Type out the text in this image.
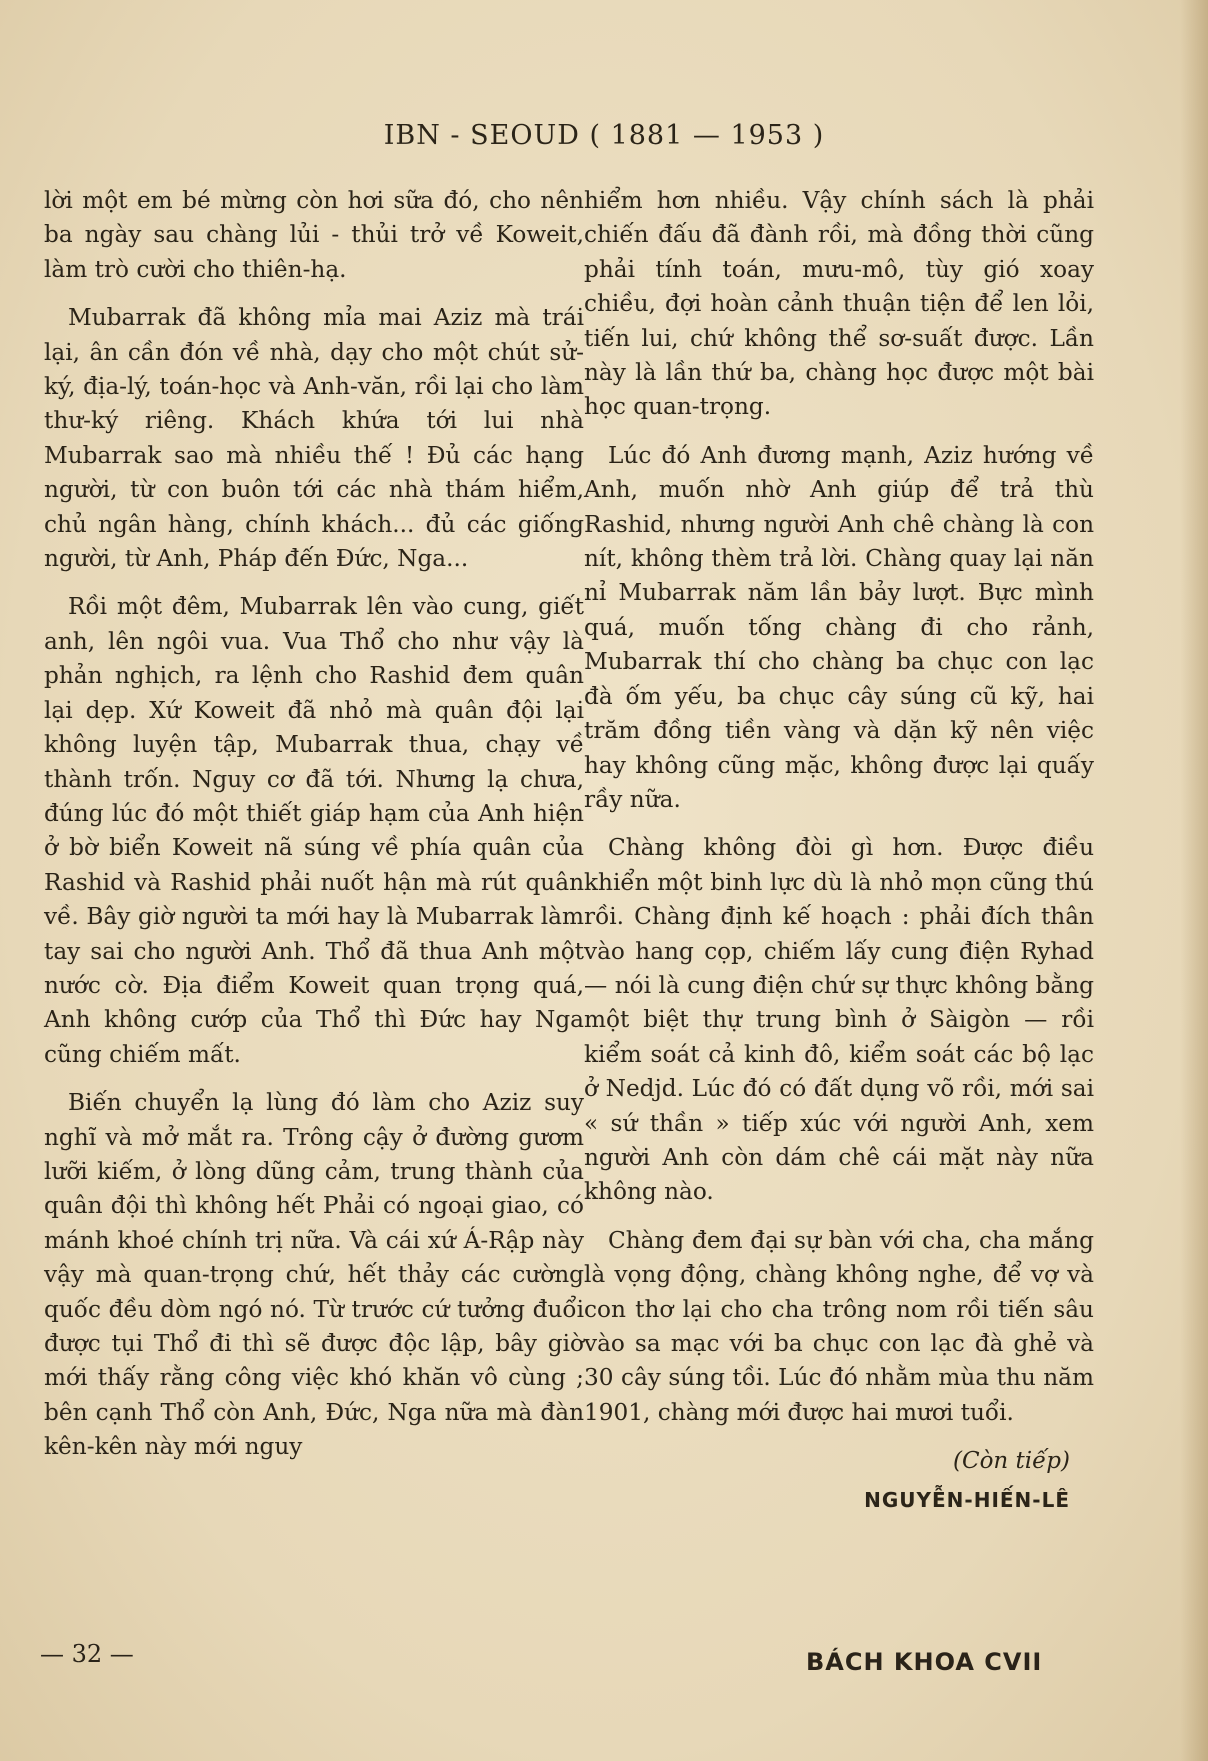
IBN - SEOUD ( 1881 — 1953 )

lời một em bé mừng còn hơi sữa đó, cho nên ba ngày sau chàng lủi - thủi trở về Koweit, làm trò cười cho thiên-hạ.

Mubarrak đã không mỉa mai Aziz mà trái lại, ân cần đón về nhà, dạy cho một chút sử-ký, địa-lý, toán-học và Anh-văn, rồi lại cho làm thư-ký riêng. Khách khứa tới lui nhà Mubarrak sao mà nhiều thế ! Đủ các hạng người, từ con buôn tới các nhà thám hiểm, chủ ngân hàng, chính khách... đủ các giống người, từ Anh, Pháp đến Đức, Nga...

Rồi một đêm, Mubarrak lên vào cung, giết anh, lên ngôi vua. Vua Thổ cho như vậy là phản nghịch, ra lệnh cho Rashid đem quân lại dẹp. Xứ Koweit đã nhỏ mà quân đội lại không luyện tập, Mubarrak thua, chạy về thành trốn. Nguy cơ đã tới. Nhưng lạ chưa, đúng lúc đó một thiết giáp hạm của Anh hiện ở bờ biển Koweit nã súng về phía quân của Rashid và Rashid phải nuốt hận mà rút quân về. Bây giờ người ta mới hay là Mubarrak làm tay sai cho người Anh. Thổ đã thua Anh một nước cờ. Địa điểm Koweit quan trọng quá, Anh không cướp của Thổ thì Đức hay Nga cũng chiếm mất.

Biến chuyển lạ lùng đó làm cho Aziz suy nghĩ và mở mắt ra. Trông cậy ở đường gươm lưỡi kiếm, ở lòng dũng cảm, trung thành của quân đội thì không hết Phải có ngoại giao, có mánh khoé chính trị nữa. Và cái xứ Á-Rập này vậy mà quan-trọng chứ, hết thảy các cường quốc đều dòm ngó nó. Từ trước cứ tưởng đuổi được tụi Thổ đi thì sẽ được độc lập, bây giờ mới thấy rằng công việc khó khăn vô cùng ; bên cạnh Thổ còn Anh, Đức, Nga nữa mà đàn kên-kên này mới nguy

hiểm hơn nhiều. Vậy chính sách là phải chiến đấu đã đành rồi, mà đồng thời cũng phải tính toán, mưu-mô, tùy gió xoay chiều, đợi hoàn cảnh thuận tiện để len lỏi, tiến lui, chứ không thể sơ-suất được. Lần này là lần thứ ba, chàng học được một bài học quan-trọng.

Lúc đó Anh đương mạnh, Aziz hướng về Anh, muốn nhờ Anh giúp để trả thù Rashid, nhưng người Anh chê chàng là con nít, không thèm trả lời. Chàng quay lại năn nỉ Mubarrak năm lần bảy lượt. Bực mình quá, muốn tống chàng đi cho rảnh, Mubarrak thí cho chàng ba chục con lạc đà ốm yếu, ba chục cây súng cũ kỹ, hai trăm đồng tiền vàng và dặn kỹ nên việc hay không cũng mặc, không được lại quấy rầy nữa.

Chàng không đòi gì hơn. Được điều khiển một binh lực dù là nhỏ mọn cũng thú rồi. Chàng định kế hoạch : phải đích thân vào hang cọp, chiếm lấy cung điện Ryhad — nói là cung điện chứ sự thực không bằng một biệt thự trung bình ở Sàigòn — rồi kiểm soát cả kinh đô, kiểm soát các bộ lạc ở Nedjd. Lúc đó có đất dụng võ rồi, mới sai « sứ thần » tiếp xúc với người Anh, xem người Anh còn dám chê cái mặt này nữa không nào.

Chàng đem đại sự bàn với cha, cha mắng là vọng động, chàng không nghe, để vợ và con thơ lại cho cha trông nom rồi tiến sâu vào sa mạc với ba chục con lạc đà ghẻ và 30 cây súng tồi. Lúc đó nhằm mùa thu năm 1901, chàng mới được hai mươi tuổi.

(Còn tiếp)
NGUYỄN-HIẾN-LÊ
— 32 —	BÁCH KHOA CVII
